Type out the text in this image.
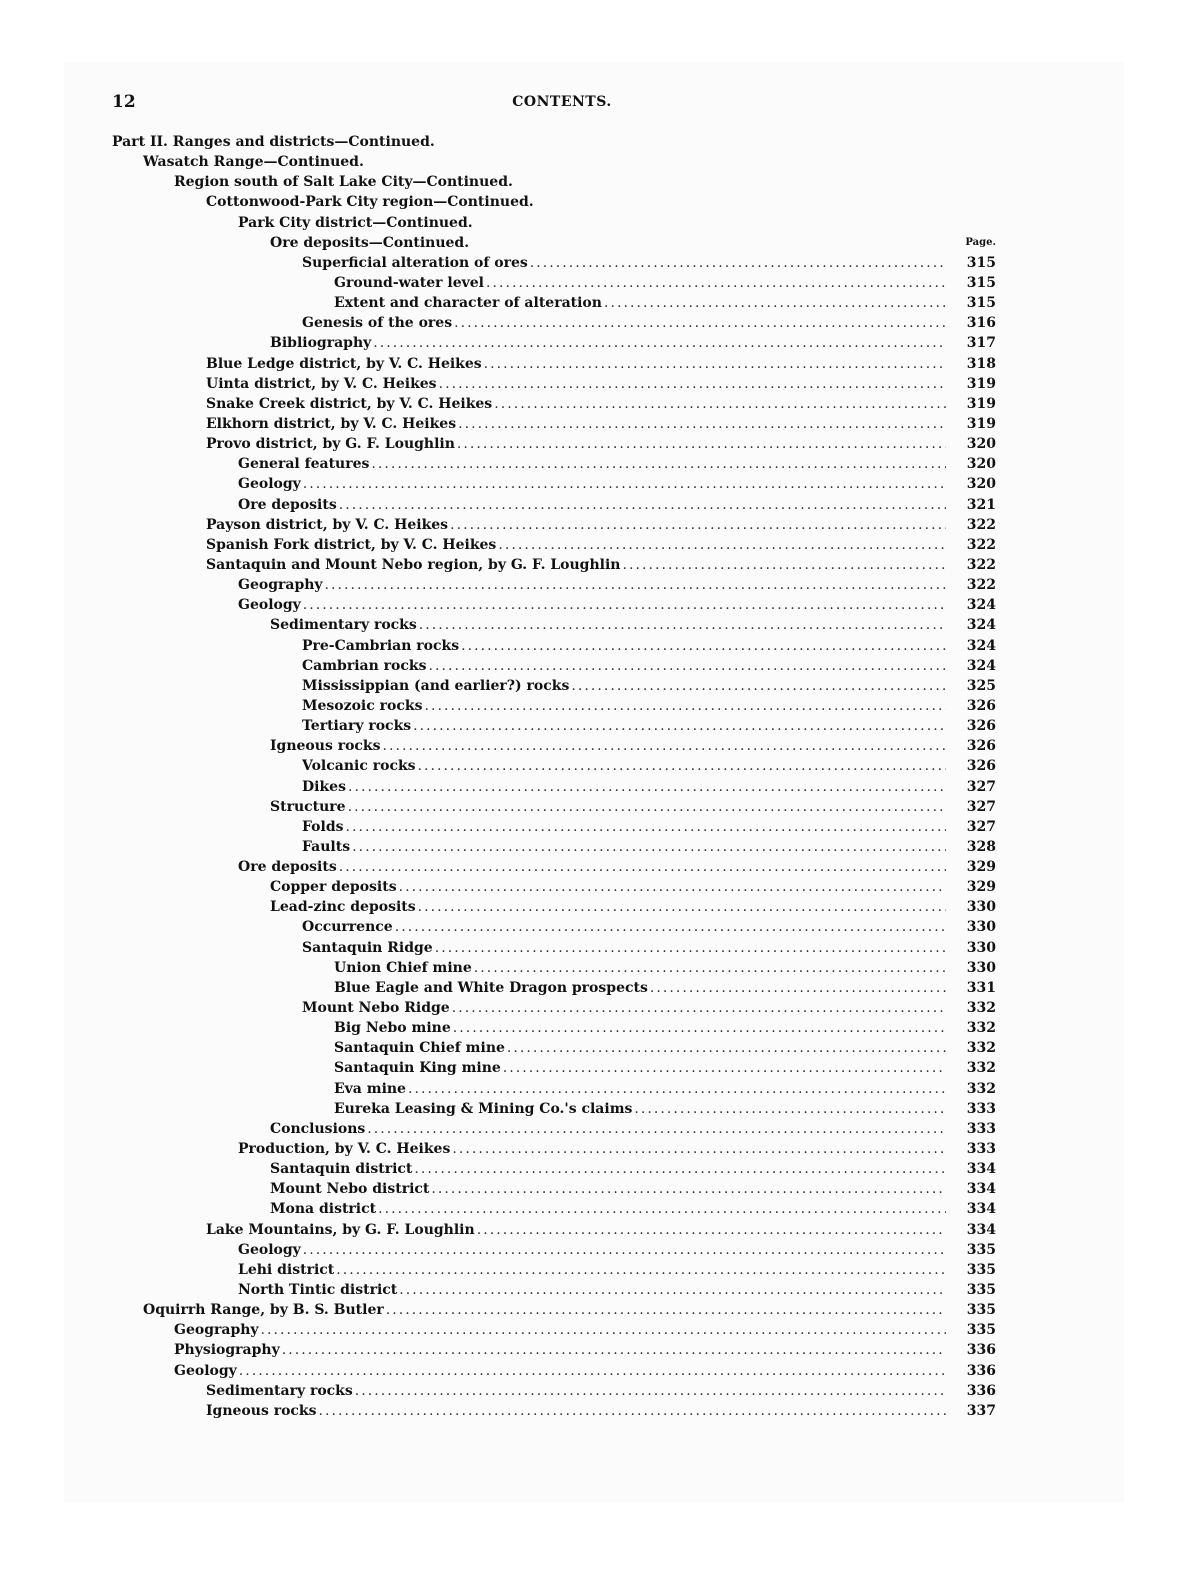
12	CONTENTS.
Part II. Ranges and districts—Continued.
Wasatch Range—Continued.
Region south of Salt Lake City—Continued.
Cottonwood-Park City region—Continued.
Park City district—Continued.
Ore deposits—Continued.	Page.
Superficial alteration of ores . . .	315
Ground-water level . . .	315
Extent and character of alteration . . .	315
Genesis of the ores . . .	316
Bibliography . . .	317
Blue Ledge district, by V. C. Heikes . . .	318
Uinta district, by V. C. Heikes . . .	319
Snake Creek district, by V. C. Heikes . . .	319
Elkhorn district, by V. C. Heikes . . .	319
Provo district, by G. F. Loughlin . . .	320
General features . . .	320
Geology . . .	320
Ore deposits . . .	321
Payson district, by V. C. Heikes . . .	322
Spanish Fork district, by V. C. Heikes . . .	322
Santaquin and Mount Nebo region, by G. F. Loughlin . . .	322
Geography . . .	322
Geology . . .	324
Sedimentary rocks . . .	324
Pre-Cambrian rocks . . .	324
Cambrian rocks . . .	324
Mississippian (and earlier?) rocks . . .	325
Mesozoic rocks . . .	326
Tertiary rocks . . .	326
Igneous rocks . . .	326
Volcanic rocks . . .	326
Dikes . . .	327
Structure . . .	327
Folds . . .	327
Faults . . .	328
Ore deposits . . .	329
Copper deposits . . .	329
Lead-zinc deposits . . .	330
Occurrence . . .	330
Santaquin Ridge . . .	330
Union Chief mine . . .	330
Blue Eagle and White Dragon prospects . . .	331
Mount Nebo Ridge . . .	332
Big Nebo mine . . .	332
Santaquin Chief mine . . .	332
Santaquin King mine . . .	332
Eva mine . . .	332
Eureka Leasing & Mining Co.'s claims . . .	333
Conclusions . . .	333
Production, by V. C. Heikes . . .	333
Santaquin district . . .	334
Mount Nebo district . . .	334
Mona district . . .	334
Lake Mountains, by G. F. Loughlin . . .	334
Geology . . .	335
Lehi district . . .	335
North Tintic district . . .	335
Oquirrh Range, by B. S. Butler . . .	335
Geography . . .	335
Physiography . . .	336
Geology . . .	336
Sedimentary rocks . . .	336
Igneous rocks . . .	337
